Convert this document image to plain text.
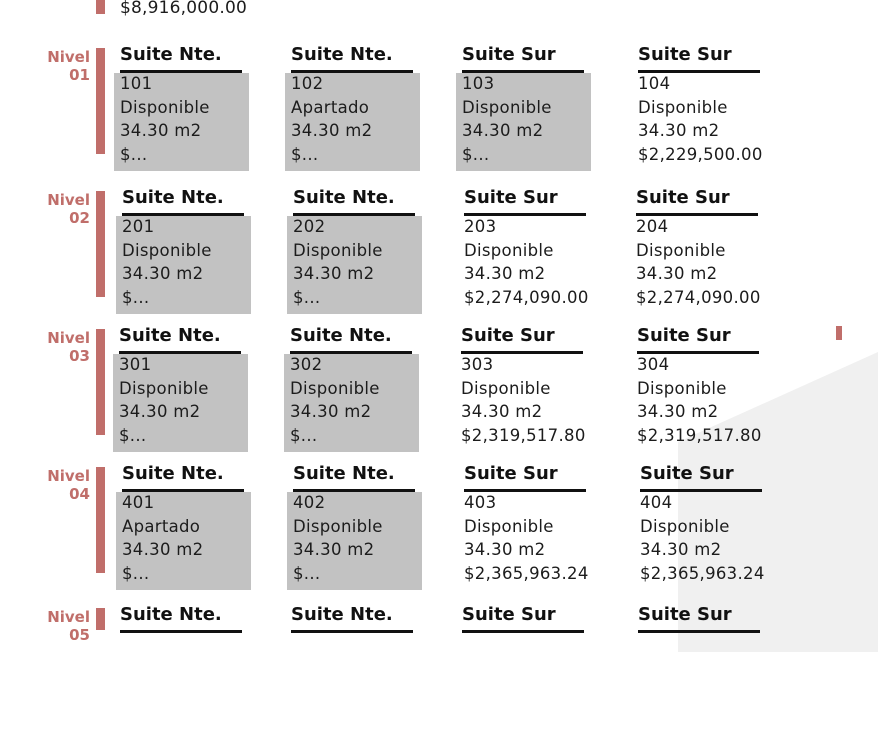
$8,916,000.00
Nivel
01
Suite Nte.
101
Disponible
34.30 m2
$...
Suite Nte.
102
Apartado
34.30 m2
$...
Suite Sur
103
Disponible
34.30 m2
$...
Suite Sur
104
Disponible
34.30 m2
$2,229,500.00
Nivel
02
Suite Nte.
201
Disponible
34.30 m2
$...
Suite Nte.
202
Disponible
34.30 m2
$...
Suite Sur
203
Disponible
34.30 m2
$2,274,090.00
Suite Sur
204
Disponible
34.30 m2
$2,274,090.00
Nivel
03
Suite Nte.
301
Disponible
34.30 m2
$...
Suite Nte.
302
Disponible
34.30 m2
$...
Suite Sur
303
Disponible
34.30 m2
$2,319,517.80
Suite Sur
304
Disponible
34.30 m2
$2,319,517.80
Nivel
04
Suite Nte.
401
Apartado
34.30 m2
$...
Suite Nte.
402
Disponible
34.30 m2
$...
Suite Sur
403
Disponible
34.30 m2
$2,365,963.24
Suite Sur
404
Disponible
34.30 m2
$2,365,963.24
Nivel
05
Suite Nte.	Suite Nte.	Suite Sur	Suite Sur
